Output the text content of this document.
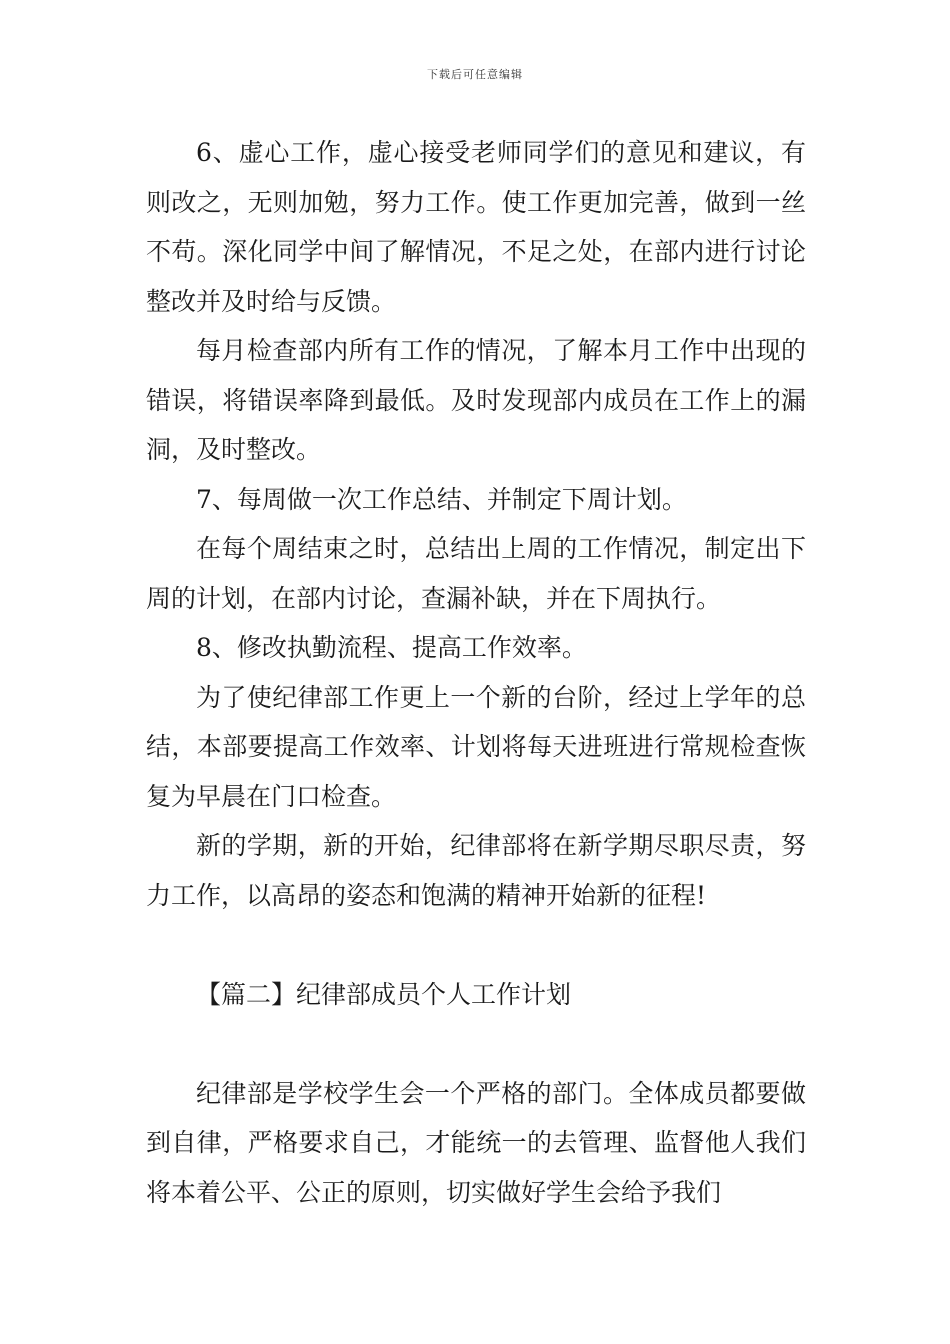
下载后可任意编辑

6、虚心工作，虚心接受老师同学们的意见和建议，有则改之，无则加勉，努力工作。使工作更加完善，做到一丝不苟。深化同学中间了解情况，不足之处，在部内进行讨论整改并及时给与反馈。

每月检查部内所有工作的情况，了解本月工作中出现的错误，将错误率降到最低。及时发现部内成员在工作上的漏洞，及时整改。

7、每周做一次工作总结、并制定下周计划。

在每个周结束之时，总结出上周的工作情况，制定出下周的计划，在部内讨论，查漏补缺，并在下周执行。

8、修改执勤流程、提高工作效率。

为了使纪律部工作更上一个新的台阶，经过上学年的总结，本部要提高工作效率、计划将每天进班进行常规检查恢复为早晨在门口检查。

新的学期，新的开始，纪律部将在新学期尽职尽责，努力工作，以高昂的姿态和饱满的精神开始新的征程!

【篇二】纪律部成员个人工作计划

纪律部是学校学生会一个严格的部门。全体成员都要做到自律，严格要求自己，才能统一的去管理、监督他人我们将本着公平、公正的原则，切实做好学生会给予我们
